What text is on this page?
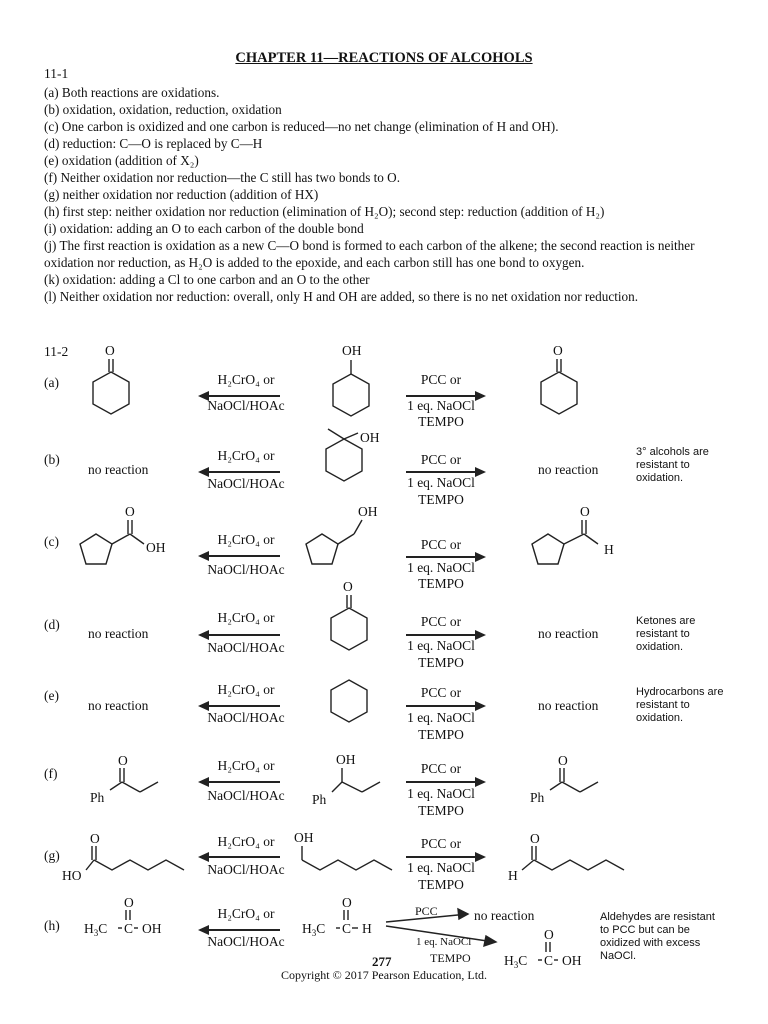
CHAPTER 11—REACTIONS OF ALCOHOLS
11-1

(a) Both reactions are oxidations.

(b) oxidation, oxidation, reduction, oxidation

(c) One carbon is oxidized and one carbon is reduced—no net change (elimination of H and OH).

(d) reduction: C—O is replaced by C—H

(e) oxidation (addition of X₂)

(f) Neither oxidation nor reduction—the C still has two bonds to O.

(g) neither oxidation nor reduction (addition of HX)

(h) first step: neither oxidation nor reduction (elimination of H₂O); second step: reduction (addition of H₂)

(i) oxidation: adding an O to each carbon of the double bond

(j) The first reaction is oxidation as a new C—O bond is formed to each carbon of the alkene; the second reaction is neither oxidation nor reduction, as H₂O is added to the epoxide, and each carbon still has one bond to oxygen.

(k) oxidation: adding a Cl to one carbon and an O to the other

(l) Neither oxidation nor reduction: overall, only H and OH are added, so there is no net oxidation nor reduction.

11-2
(a)
O
H₂CrO₄ or
NaOCl/HOAc
OH
PCC or
1 eq. NaOCl
TEMPO
O
(b)
no reaction
H₂CrO₄ or
NaOCl/HOAc
OH
PCC or
1 eq. NaOCl
TEMPO
no reaction
3° alcohols are resistant to oxidation.
(c)
O
OH
H₂CrO₄ or
NaOCl/HOAc
OH
PCC or
1 eq. NaOCl
TEMPO
O
H
(d)
no reaction
H₂CrO₄ or
NaOCl/HOAc
O
PCC or
1 eq. NaOCl
TEMPO
no reaction
Ketones are resistant to oxidation.
(e)
no reaction
H₂CrO₄ or
NaOCl/HOAc
PCC or
1 eq. NaOCl
TEMPO
no reaction
Hydrocarbons are resistant to oxidation.
(f)
O
Ph
H₂CrO₄ or
NaOCl/HOAc
OH
Ph
PCC or
1 eq. NaOCl
TEMPO
O
Ph
(g)
O
HO
H₂CrO₄ or
NaOCl/HOAc
OH	PCC or
1 eq. NaOCl
TEMPO
O
H
(h)
O
$H_3C$ C OH
H₂CrO₄ or
NaOCl/HOAc
O
$H_3C$ C H
PCC	no reaction
1 eq. NaOCl
TEMPO
O
$H_3C$ C OH
Aldehydes are resistant to PCC but can be oxidized with excess NaOCl.
277
Copyright © 2017 Pearson Education, Ltd.
